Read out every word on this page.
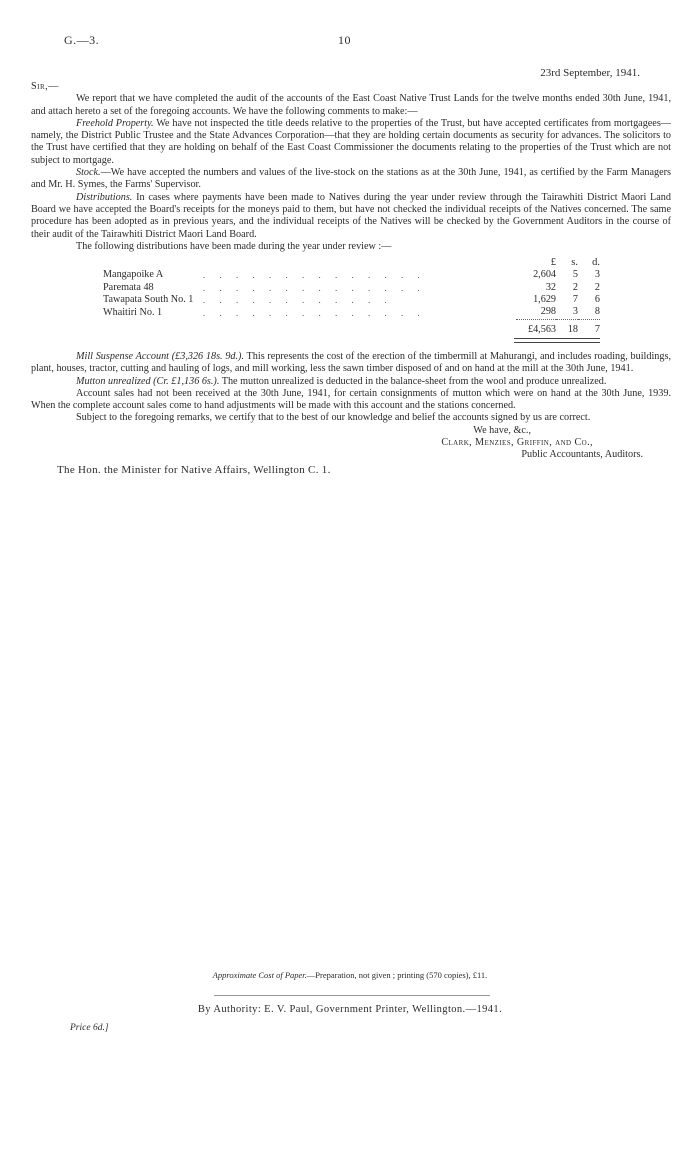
G.—3.	10
23rd September, 1941.

Sir,—

We report that we have completed the audit of the accounts of the East Coast Native Trust Lands for the twelve months ended 30th June, 1941, and attach hereto a set of the foregoing accounts. We have the following comments to make:—

Freehold Property. We have not inspected the title deeds relative to the properties of the Trust, but have accepted certificates from mortgagees—namely, the District Public Trustee and the State Advances Corporation—that they are holding certain documents as security for advances. The solicitors to the Trust have certified that they are holding on behalf of the East Coast Commissioner the documents relating to the properties of the Trust which are not subject to mortgage.

Stock.—We have accepted the numbers and values of the live-stock on the stations as at the 30th June, 1941, as certified by the Farm Managers and Mr. H. Symes, the Farms' Supervisor.

Distributions. In cases where payments have been made to Natives during the year under review through the Tairawhiti District Maori Land Board we have accepted the Board's receipts for the moneys paid to them, but have not checked the individual receipts of the Natives concerned. The same procedure has been adopted as in previous years, and the individual receipts of the Natives will be checked by the Government Auditors in the course of their audit of the Tairawhiti District Maori Land Board.

The following distributions have been made during the year under review :—

		£	s.	d.
Mangapoike A	. . . . . . . . . . . . . .	2,604	5	3
Paremata 48	. . . . . . . . . . . . . .	32	2	2
Tawapata South No. 1	. . . . . . . . . . . .	1,629	7	6
Whaitiri No. 1	. . . . . . . . . . . . . .	298	3	8
		£4,563	18	7

Mill Suspense Account (£3,326 18s. 9d.). This represents the cost of the erection of the timbermill at Mahurangi, and includes roading, buildings, plant, houses, tractor, cutting and hauling of logs, and mill working, less the sawn timber disposed of and on hand at the mill at the 30th June, 1941.

Mutton unrealized (Cr. £1,136 6s.). The mutton unrealized is deducted in the balance-sheet from the wool and produce unrealized.

Account sales had not been received at the 30th June, 1941, for certain consignments of mutton which were on hand at the 30th June, 1939. When the complete account sales come to hand adjustments will be made with this account and the stations concerned.

Subject to the foregoing remarks, we certify that to the best of our knowledge and belief the accounts signed by us are correct.

We have, &c.,

Clark, Menzies, Griffin, and Co.,

Public Accountants, Auditors.

The Hon. the Minister for Native Affairs, Wellington C. 1.

Approximate Cost of Paper.—Preparation, not given ; printing (570 copies), £11.
By Authority: E. V. Paul, Government Printer, Wellington.—1941.
Price 6d.]
